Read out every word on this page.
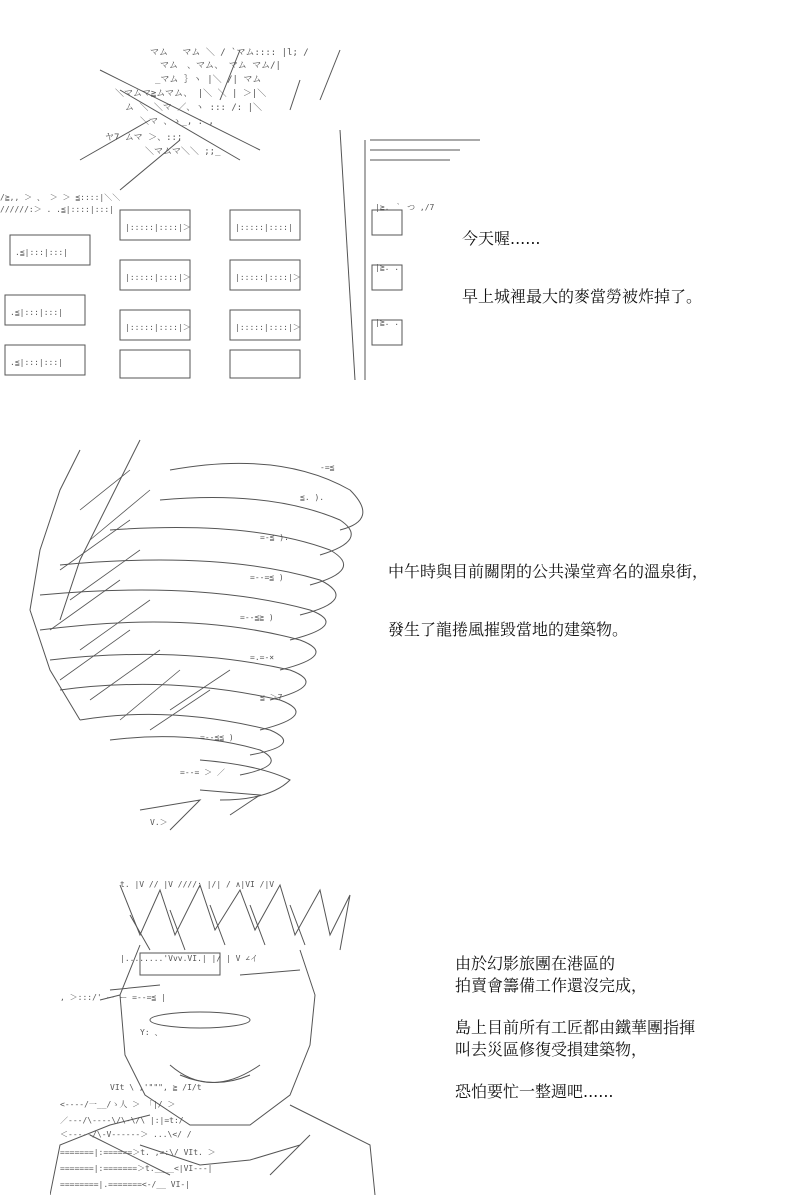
マム　 マム ＼ / `マム:::: |l; /
マム　、マム、 マム マム/|
_マム ｝ヽ |＼ /| マム
＼マムマ≧ムマム、 |＼ ＼ | ＞|＼
ム ＼ ＼マ ／、ヽ ::: /: |＼
＼マ 、ゝ_, : ,
ヤ7 ムマ ＞、::;
＼マムマ＼＼ ;;_
/≧,, ＞ 、 ＞ ＞ ≦::::|＼＼
//////:＞ . .≦|::::|:::|
|:::::|::::|＞	|:::::|::::|
.≦|:::|:::|
|:::::|::::|＞	|:::::|::::|＞
.≦|:::|:::|
|:::::|::::|＞	|:::::|::::|＞
.≦|:::|:::|
|≧. ｀ つ ,/7
|≧. .
|≧. .

今天喔......

早上城裡最大的麥當勞被炸掉了。

-=≦
≦. ).
=-≦ ).
=--=≦ )
=--≦≧ )
=.=-×
≦ ＞7
=--≦≦ )
=--= ＞ ／
V.＞

中午時與目前關閉的公共澡堂齊名的溫泉街，

發生了龍捲風摧毀當地的建築物。

t. |V // |V ////; |/| / ∧|VI /|V
|........'Vvv.VI.| |/ | V ∠イ
, ＞:::/' ー ー =--=≦ |
Y: 、
VIt \ ,'""", ≧ /I/t
<----/一__/ゝ人 ＞ 「|/ ＞
／---/\----\/\-\/\ |:|=t:/
＜-----/\-V------＞ ...\</ /
=======|:======＞t. ,=:\/ VIt. ＞
=======|:=======＞t.____<|VI---|
========|.=======<-/__ VI-|

由於幻影旅團在港區的

拍賣會籌備工作還沒完成，

島上目前所有工匠都由鐵華團指揮

叫去災區修復受損建築物，

恐怕要忙一整週吧......
